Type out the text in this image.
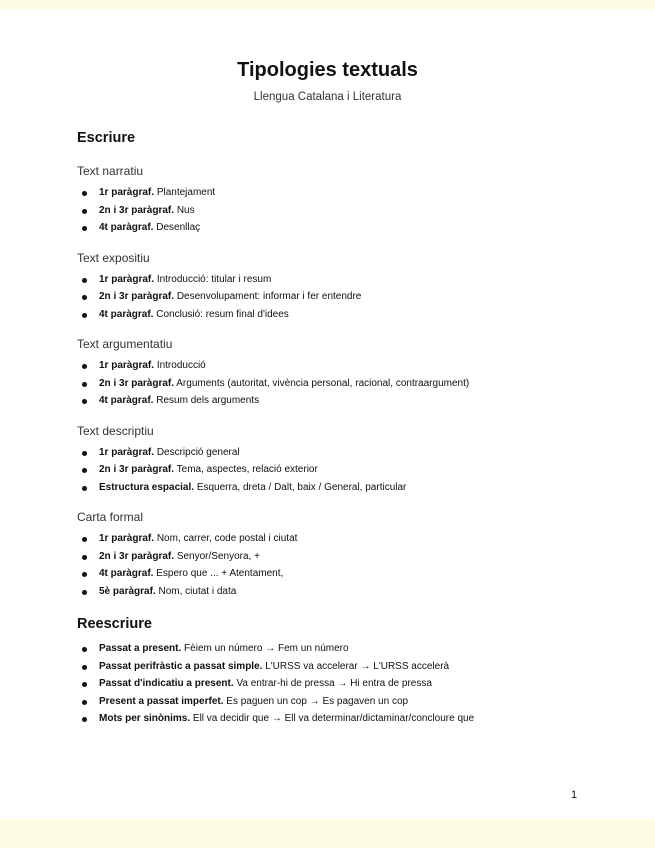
Tipologies textuals
Llengua Catalana i Literatura
Escriure
Text narratiu
1r paràgraf. Plantejament
2n i 3r paràgraf. Nus
4t paràgraf. Desenllaç
Text expositiu
1r paràgraf. Introducció: titular i resum
2n i 3r paràgraf. Desenvolupament: informar i fer entendre
4t paràgraf. Conclusió: resum final d'idees
Text argumentatiu
1r paràgraf. Introducció
2n i 3r paràgraf. Arguments (autoritat, vivència personal, racional, contraargument)
4t paràgraf. Resum dels arguments
Text descriptiu
1r paràgraf. Descripció general
2n i 3r paràgraf. Tema, aspectes, relació exterior
Estructura espacial. Esquerra, dreta / Dalt, baix / General, particular
Carta formal
1r paràgraf. Nom, carrer, code postal i ciutat
2n i 3r paràgraf. Senyor/Senyora, +
4t paràgraf. Espero que ... + Atentament,
5è paràgraf. Nom, ciutat i data
Reescriure
Passat a present. Fèiem un número → Fem un número
Passat perifràstic a passat simple. L'URSS va accelerar → L'URSS accelerà
Passat d'indicatiu a present. Va entrar-hi de pressa → Hi entra de pressa
Present a passat imperfet. Es paguen un cop → Es pagaven un cop
Mots per sinònims. Ell va decidir que → Ell va determinar/dictaminar/concloure que
1
